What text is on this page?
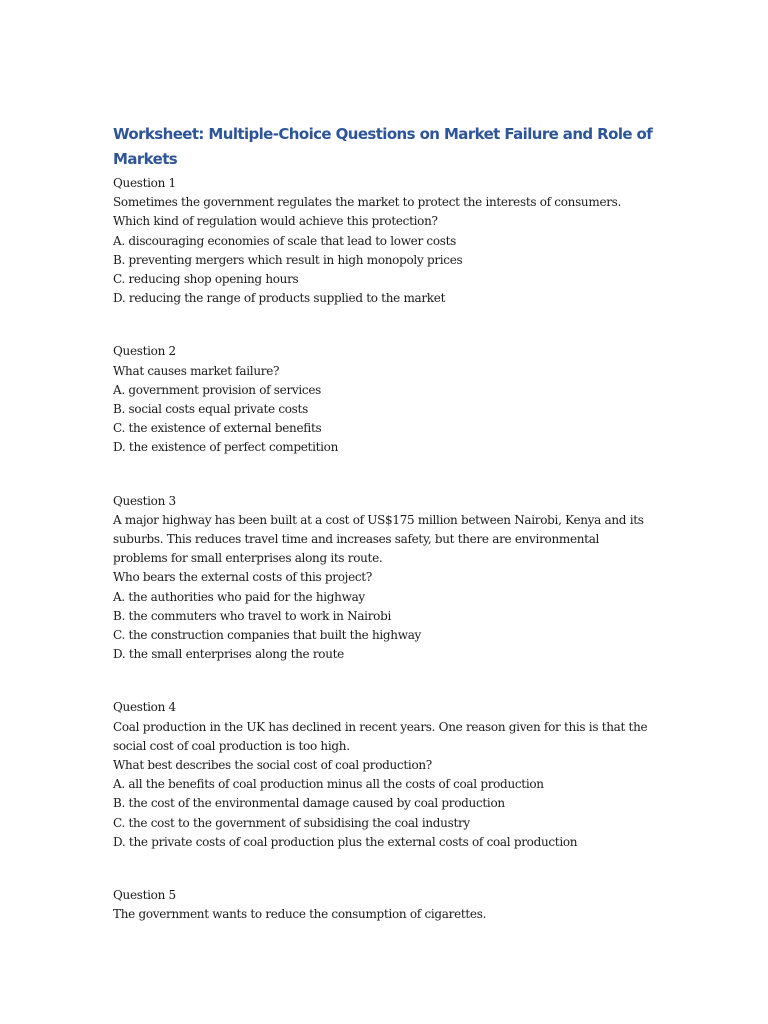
Worksheet: Multiple-Choice Questions on Market Failure and Role of Markets
Question 1
Sometimes the government regulates the market to protect the interests of consumers.
Which kind of regulation would achieve this protection?
A. discouraging economies of scale that lead to lower costs
B. preventing mergers which result in high monopoly prices
C. reducing shop opening hours
D. reducing the range of products supplied to the market
Question 2
What causes market failure?
A. government provision of services
B. social costs equal private costs
C. the existence of external benefits
D. the existence of perfect competition
Question 3
A major highway has been built at a cost of US$175 million between Nairobi, Kenya and its
suburbs. This reduces travel time and increases safety, but there are environmental
problems for small enterprises along its route.
Who bears the external costs of this project?
A. the authorities who paid for the highway
B. the commuters who travel to work in Nairobi
C. the construction companies that built the highway
D. the small enterprises along the route
Question 4
Coal production in the UK has declined in recent years. One reason given for this is that the
social cost of coal production is too high.
What best describes the social cost of coal production?
A. all the benefits of coal production minus all the costs of coal production
B. the cost of the environmental damage caused by coal production
C. the cost to the government of subsidising the coal industry
D. the private costs of coal production plus the external costs of coal production
Question 5
The government wants to reduce the consumption of cigarettes.
